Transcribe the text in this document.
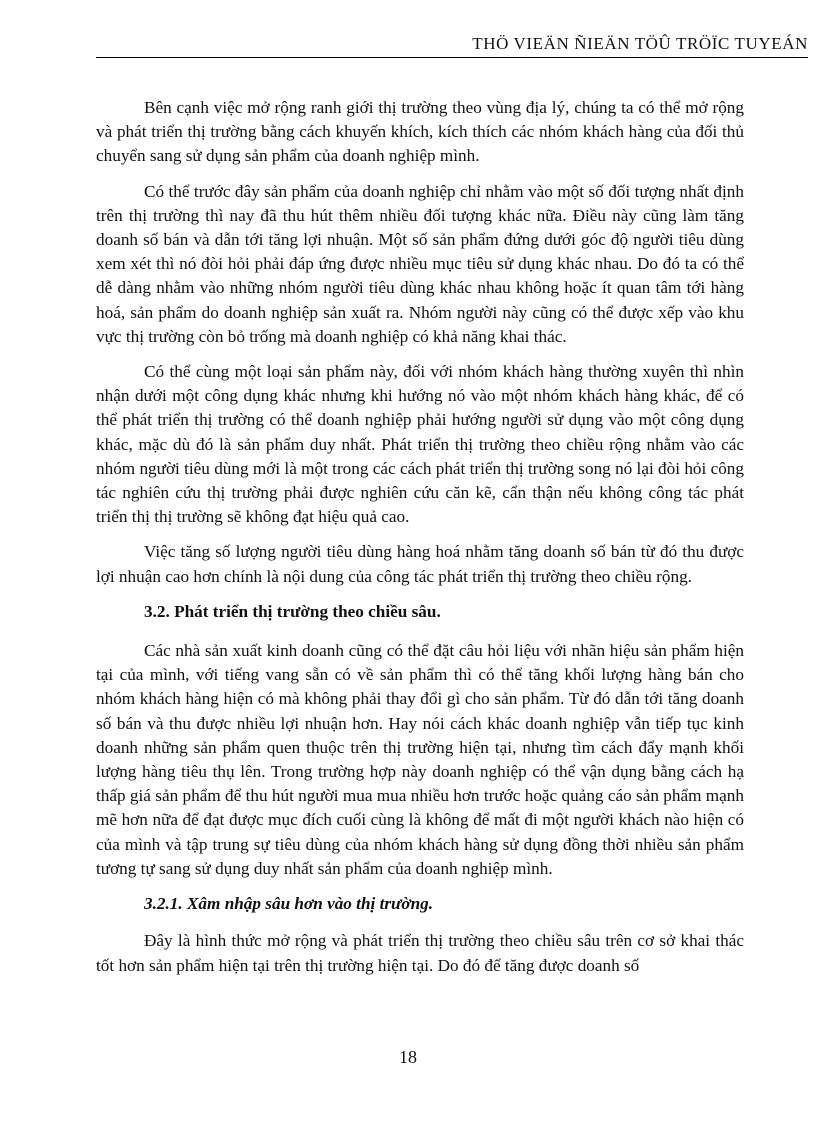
THÖ VIEÄN ÑIEÄN TÖÛ TRÖÏC TUYEÁN

Bên cạnh việc mở rộng ranh giới thị trường theo vùng địa lý, chúng ta có thể mở rộng và phát triển thị trường bằng cách khuyến khích, kích thích các nhóm khách hàng của đối thủ chuyển sang sử dụng sản phẩm của doanh nghiệp mình.

Có thể trước đây sản phẩm của doanh nghiệp chỉ nhằm vào một số đối tượng nhất định trên thị trường thì nay đã thu hút thêm nhiều đối tượng khác nữa. Điều này cũng làm tăng doanh số bán và dẫn tới tăng lợi nhuận. Một số sản phẩm đứng dưới góc độ người tiêu dùng xem xét thì nó đòi hỏi phải đáp ứng được nhiều mục tiêu sử dụng khác nhau. Do đó ta có thể dễ dàng nhằm vào những nhóm người tiêu dùng khác nhau không hoặc ít quan tâm tới hàng hoá, sản phẩm do doanh nghiệp sản xuất ra. Nhóm người này cũng có thể được xếp vào khu vực thị trường còn bỏ trống mà doanh nghiệp có khả năng khai thác.

Có thể cùng một loại sản phẩm này, đối với nhóm khách hàng thường xuyên thì nhìn nhận dưới một công dụng khác nhưng khi hướng nó vào một nhóm khách hàng khác, để có thể phát triển thị trường có thể doanh nghiệp phải hướng người sử dụng vào một công dụng khác, mặc dù đó là sản phẩm duy nhất. Phát triển thị trường theo chiều rộng nhằm vào các nhóm người tiêu dùng mới là một trong các cách phát triển thị trường song nó lại đòi hỏi công tác nghiên cứu thị trường phải được nghiên cứu căn kẽ, cẩn thận nếu không công tác phát triển thị thị trường sẽ không đạt hiệu quả cao.

Việc tăng số lượng người tiêu dùng hàng hoá nhằm tăng doanh số bán từ đó thu được lợi nhuận cao hơn chính là nội dung của công tác phát triển thị trường theo chiều rộng.

3.2. Phát triển thị trường theo chiều sâu.

Các nhà sản xuất kinh doanh cũng có thể đặt câu hỏi liệu với nhãn hiệu sản phẩm hiện tại của mình, với tiếng vang sẵn có về sản phẩm thì có thể tăng khối lượng hàng bán cho nhóm khách hàng hiện có mà không phải thay đổi gì cho sản phẩm. Từ đó dẫn tới tăng doanh số bán và thu được nhiều lợi nhuận hơn. Hay nói cách khác doanh nghiệp vẫn tiếp tục kinh doanh những sản phẩm quen thuộc trên thị trường hiện tại, nhưng tìm cách đẩy mạnh khối lượng hàng tiêu thụ lên. Trong trường hợp này doanh nghiệp có thể vận dụng bằng cách hạ thấp giá sản phẩm để thu hút người mua mua nhiều hơn trước hoặc quảng cáo sản phẩm mạnh mẽ hơn nữa để đạt được mục đích cuối cùng là không để mất đi một người khách nào hiện có của mình và tập trung sự tiêu dùng của nhóm khách hàng sử dụng đồng thời nhiều sản phẩm tương tự sang sử dụng duy nhất sản phẩm của doanh nghiệp mình.

3.2.1. Xâm nhập sâu hơn vào thị trường.

Đây là hình thức mở rộng và phát triển thị trường theo chiều sâu trên cơ sở khai thác tốt hơn sản phẩm hiện tại trên thị trường hiện tại. Do đó để tăng được doanh số

18
